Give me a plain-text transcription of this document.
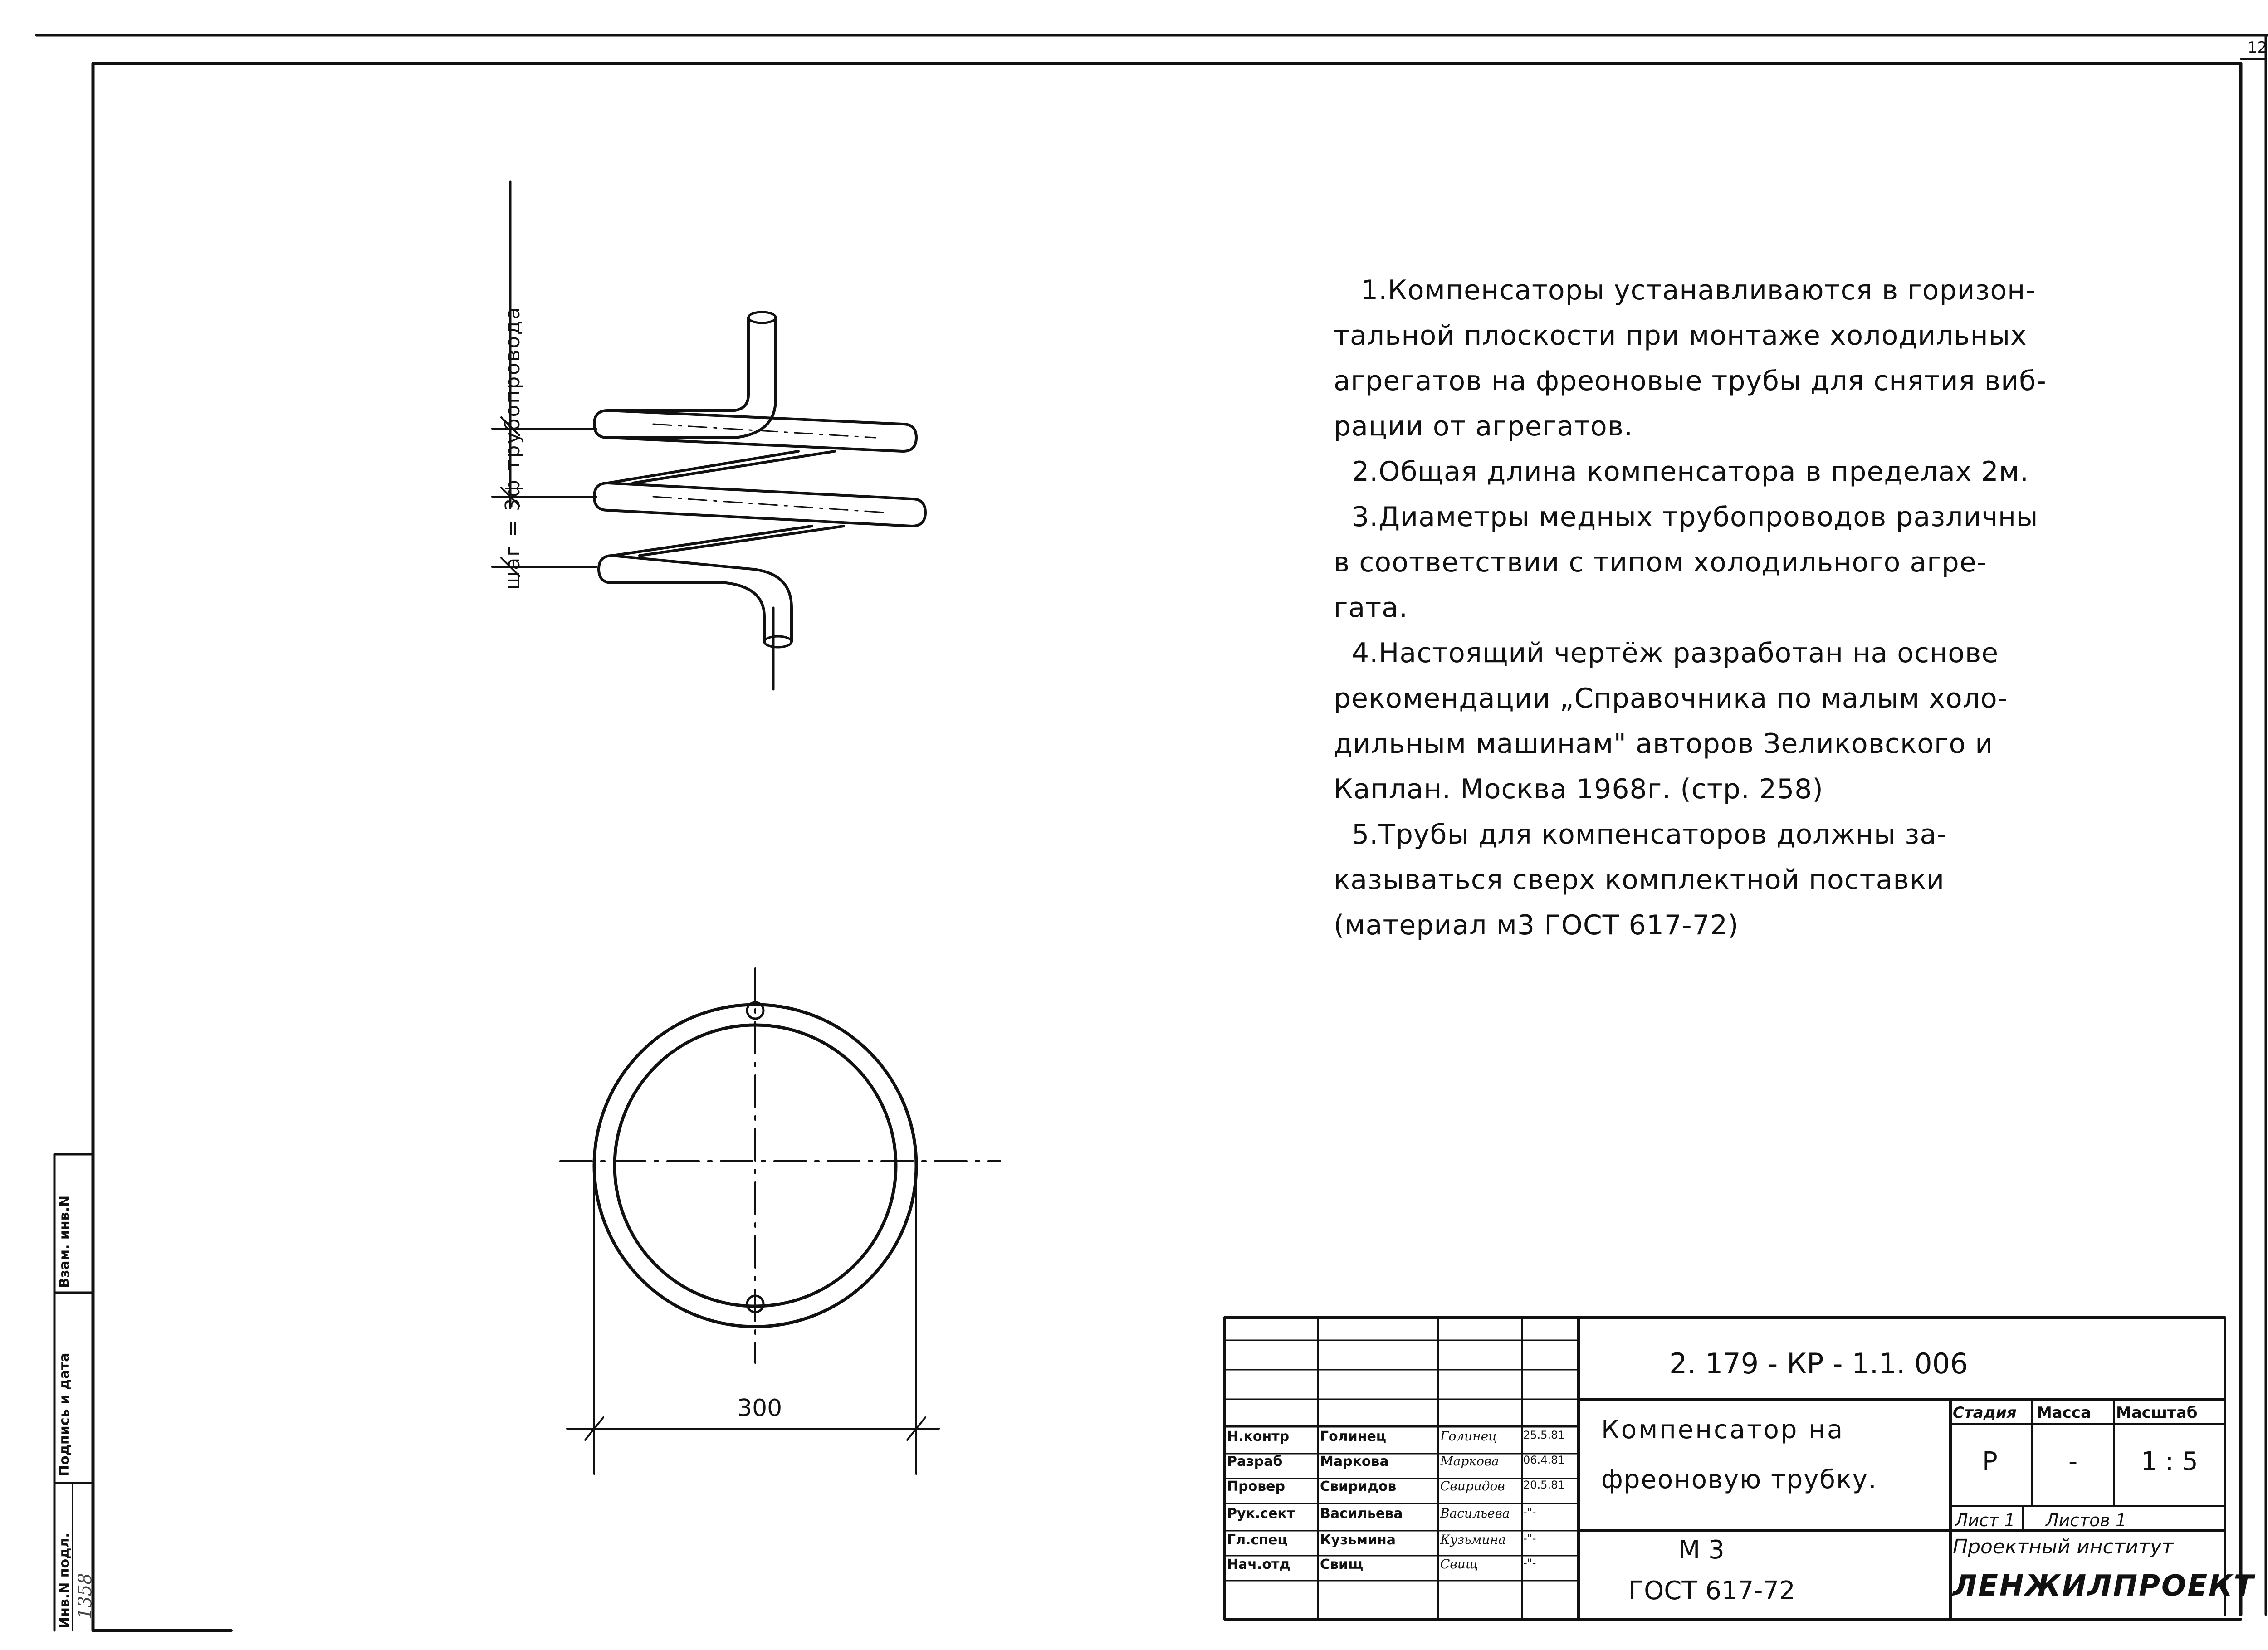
12
шаг = 3ф трубопровода
300
1.Компенсаторы устанавливаются в горизон-
тальной плоскости при монтаже холодильных
агрегатов на фреоновые трубы для снятия виб-
рации от агрегатов.
2.Общая длина компенсатора в пределах 2м.
3.Диаметры медных трубопроводов различны
в соответствии с типом холодильного агре-
гата.
4.Настоящий чертёж разработан на основе
рекомендации „Справочника по малым холо-
дильным машинам" авторов Зеликовского и
Каплан. Москва 1968г. (стр. 258)
5.Трубы для компенсаторов должны за-
казываться сверх комплектной поставки
(материал м3 ГОСТ 617-72)
Инв.N подл.
Подпись и дата
Взам. инв.N
1358
2. 179 - КР - 1.1. 006
Компенсатор на
фреоновую трубку.
М 3
ГОСТ 617-72
Стадия Масса Масштаб
Р	- 1 : 5
Лист 1 Листов 1
Проектный институт
ЛЕНЖИЛПРОЕКТ
Н.контр Голинец	Голинец 25.5.81
Разраб	Маркова	Маркова 06.4.81
Провер	Свиридов	Свиридов 20.5.81
Рук.сект Васильева	Васильева -"-
Гл.спец Кузьмина	Кузьмина -"-
Нач.отд Свищ	Свищ	-"-
